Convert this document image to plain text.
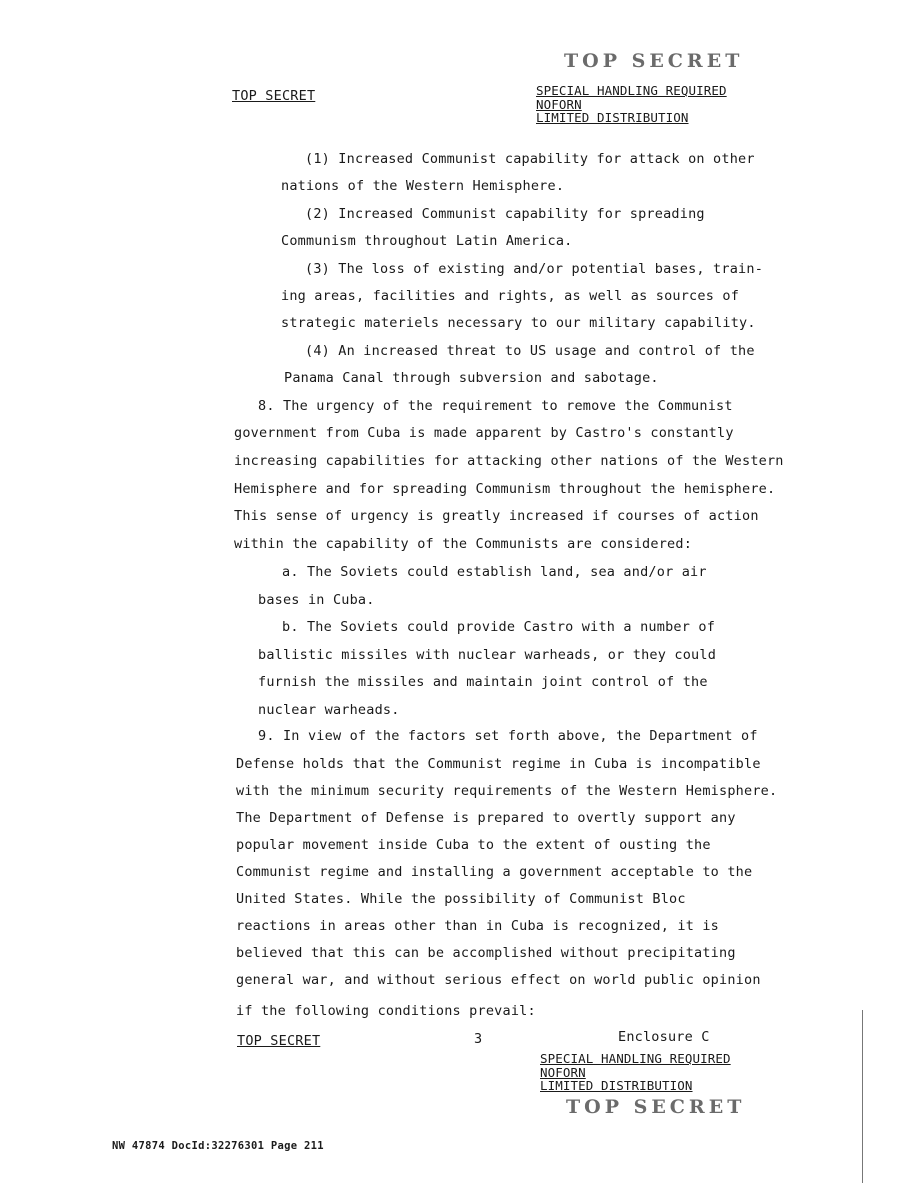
TOP SECRET
TOP SECRET	SPECIAL HANDLING REQUIRED
NOFORN
LIMITED DISTRIBUTION
(1) Increased Communist capability for attack on other
nations of the Western Hemisphere.
(2) Increased Communist capability for spreading
Communism throughout Latin America.
(3) The loss of existing and/or potential bases, train-
ing areas, facilities and rights, as well as sources of
strategic materiels necessary to our military capability.
(4) An increased threat to US usage and control of the
Panama Canal through subversion and sabotage.
8. The urgency of the requirement to remove the Communist
government from Cuba is made apparent by Castro's constantly
increasing capabilities for attacking other nations of the Western
Hemisphere and for spreading Communism throughout the hemisphere.
This sense of urgency is greatly increased if courses of action
within the capability of the Communists are considered:
a. The Soviets could establish land, sea and/or air
bases in Cuba.
b. The Soviets could provide Castro with a number of
ballistic missiles with nuclear warheads, or they could
furnish the missiles and maintain joint control of the
nuclear warheads.
9. In view of the factors set forth above, the Department of
Defense holds that the Communist regime in Cuba is incompatible
with the minimum security requirements of the Western Hemisphere.
The Department of Defense is prepared to overtly support any
popular movement inside Cuba to the extent of ousting the
Communist regime and installing a government acceptable to the
United States. While the possibility of Communist Bloc
reactions in areas other than in Cuba is recognized, it is
believed that this can be accomplished without precipitating
general war, and without serious effect on world public opinion
if the following conditions prevail:
TOP SECRET	3	Enclosure C
SPECIAL HANDLING REQUIRED
NOFORN
LIMITED DISTRIBUTION
TOP SECRET
NW 47874 DocId:32276301 Page 211
